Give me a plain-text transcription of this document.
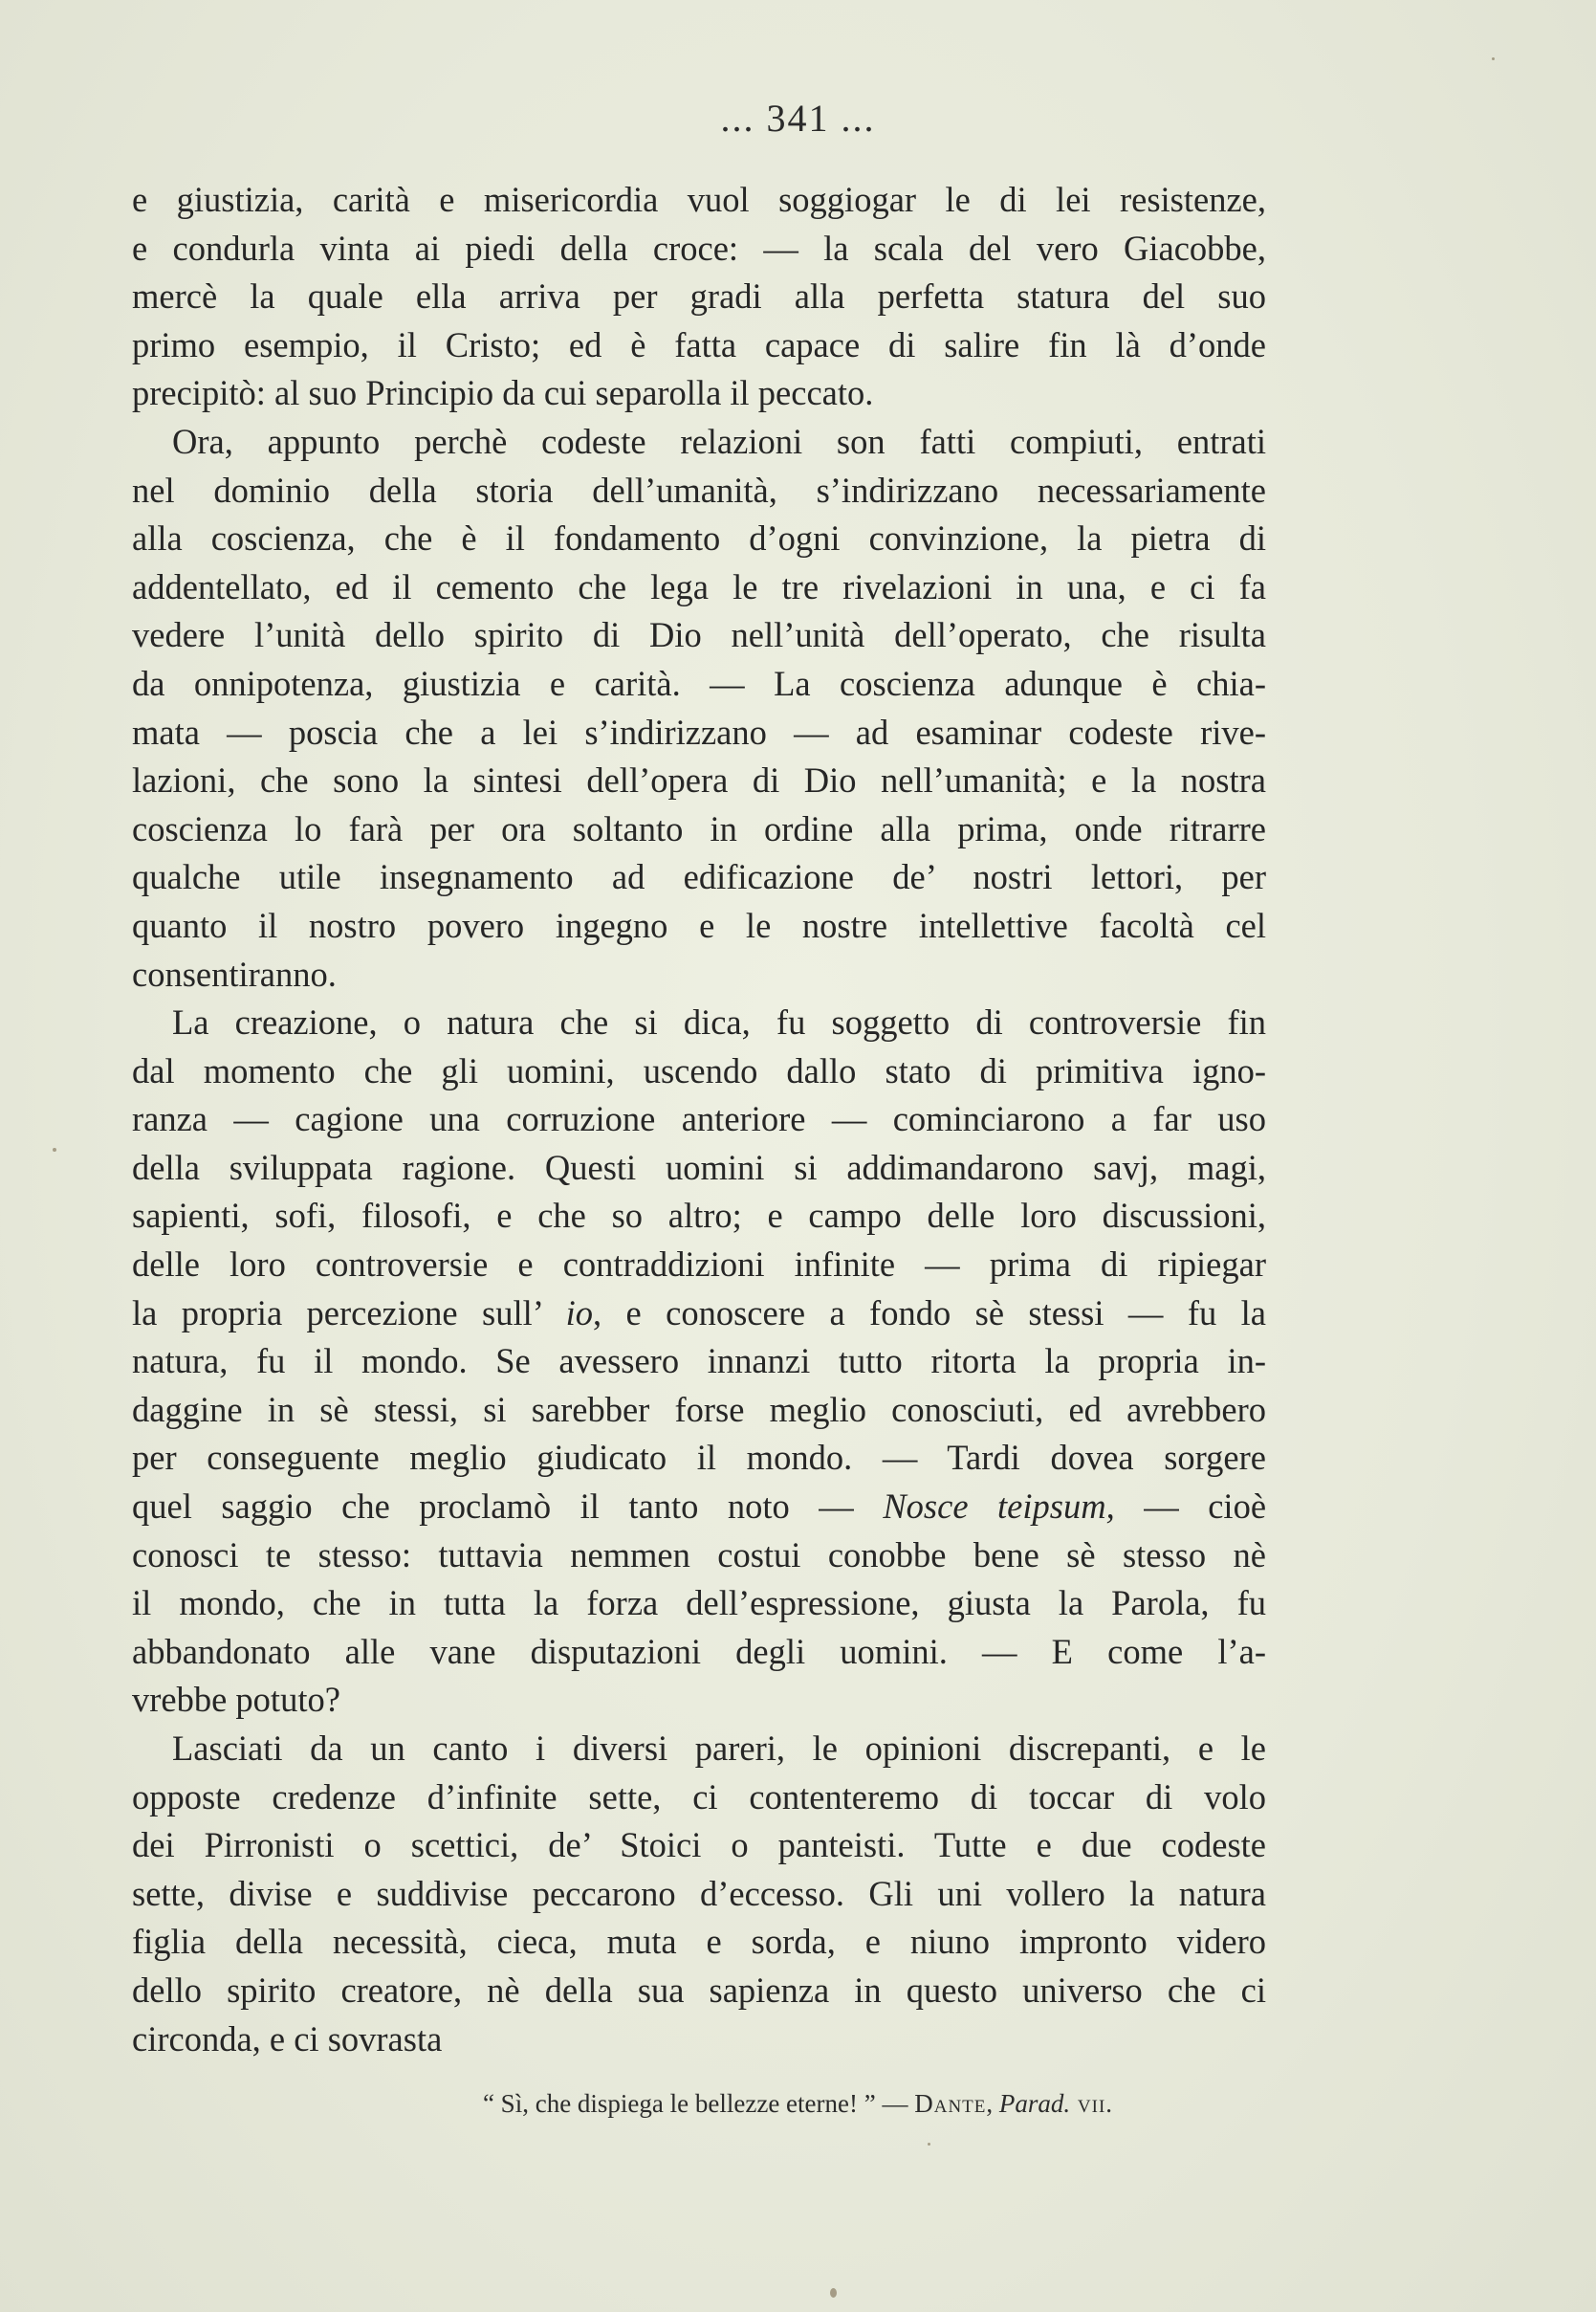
... 341 ...
e giustizia, carità e misericordia vuol soggiogar le di lei resistenze,
e condurla vinta ai piedi della croce: — la scala del vero Giacobbe,
mercè la quale ella arriva per gradi alla perfetta statura del suo
primo esempio, il Cristo; ed è fatta capace di salire fin là d’onde
precipitò: al suo Principio da cui separolla il peccato.
Ora, appunto perchè codeste relazioni son fatti compiuti, entrati
nel dominio della storia dell’umanità, s’indirizzano necessariamente
alla coscienza, che è il fondamento d’ogni convinzione, la pietra di
addentellato, ed il cemento che lega le tre rivelazioni in una, e ci fa
vedere l’unità dello spirito di Dio nell’unità dell’operato, che risulta
da onnipotenza, giustizia e carità. — La coscienza adunque è chia-
mata — poscia che a lei s’indirizzano — ad esaminar codeste rive-
lazioni, che sono la sintesi dell’opera di Dio nell’umanità; e la nostra
coscienza lo farà per ora soltanto in ordine alla prima, onde ritrarre
qualche utile insegnamento ad edificazione de’ nostri lettori, per
quanto il nostro povero ingegno e le nostre intellettive facoltà cel
consentiranno.
La creazione, o natura che si dica, fu soggetto di controversie fin
dal momento che gli uomini, uscendo dallo stato di primitiva igno-
ranza — cagione una corruzione anteriore — cominciarono a far uso
della sviluppata ragione. Questi uomini si addimandarono savj, magi,
sapienti, sofi, filosofi, e che so altro; e campo delle loro discussioni,
delle loro controversie e contraddizioni infinite — prima di ripiegar
la propria percezione sull’ io, e conoscere a fondo sè stessi — fu la
natura, fu il mondo. Se avessero innanzi tutto ritorta la propria in-
daggine in sè stessi, si sarebber forse meglio conosciuti, ed avrebbero
per conseguente meglio giudicato il mondo. — Tardi dovea sorgere
quel saggio che proclamò il tanto noto — Nosce teipsum, — cioè
conosci te stesso: tuttavia nemmen costui conobbe bene sè stesso nè
il mondo, che in tutta la forza dell’espressione, giusta la Parola, fu
abbandonato alle vane disputazioni degli uomini. — E come l’a-
vrebbe potuto?
Lasciati da un canto i diversi pareri, le opinioni discrepanti, e le
opposte credenze d’infinite sette, ci contenteremo di toccar di volo
dei Pirronisti o scettici, de’ Stoici o panteisti. Tutte e due codeste
sette, divise e suddivise peccarono d’eccesso. Gli uni vollero la natura
figlia della necessità, cieca, muta e sorda, e niuno impronto videro
dello spirito creatore, nè della sua sapienza in questo universo che ci
circonda, e ci sovrasta
“ Sì, che dispiega le bellezze eterne! ” — Dante, Parad. vii.
